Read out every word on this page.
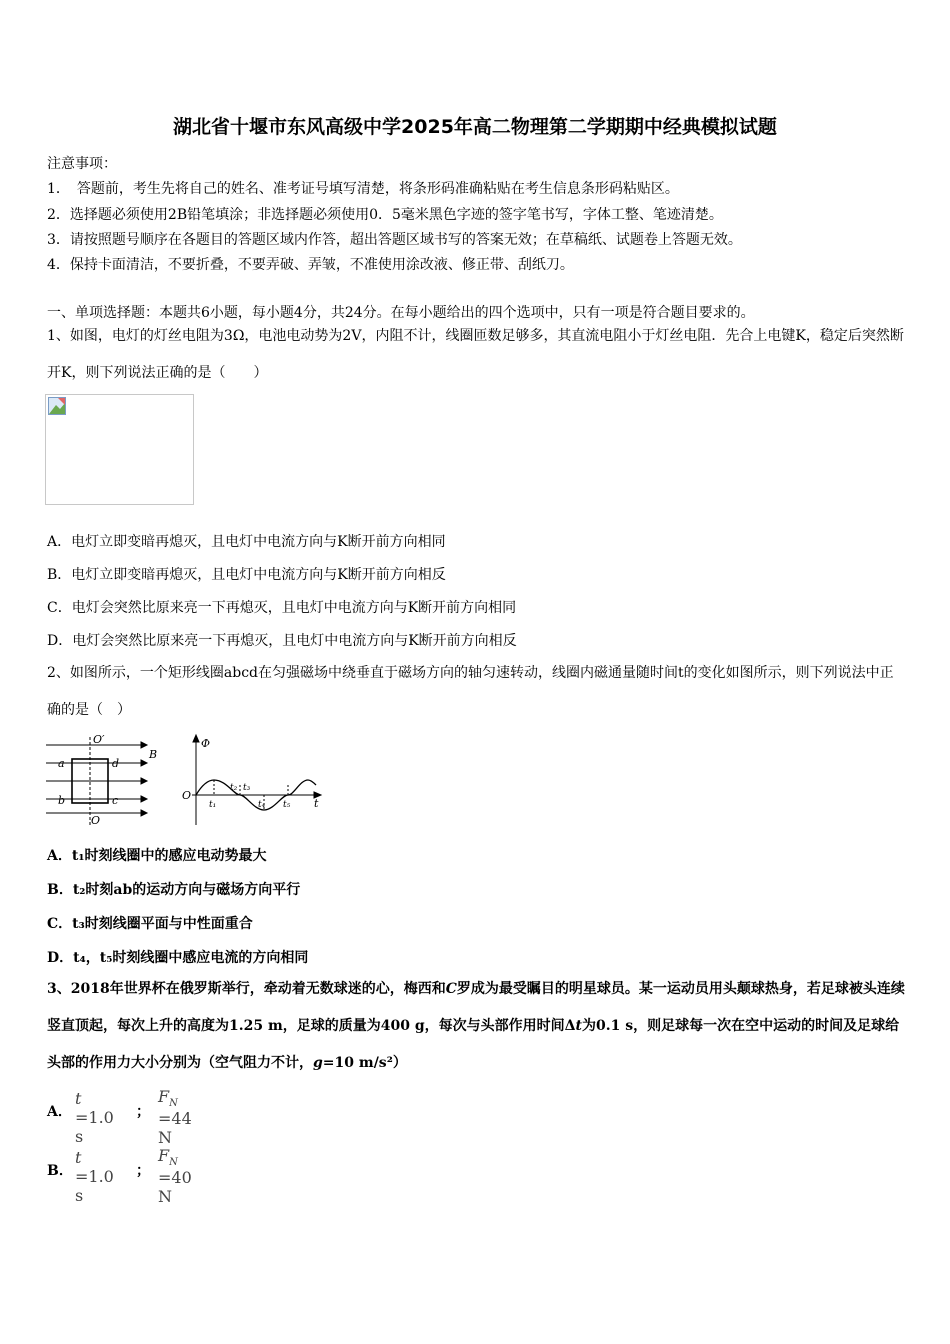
湖北省十堰市东风高级中学2025年高二物理第二学期期中经典模拟试题
注意事项：
1．　答题前，考生先将自己的姓名、准考证号填写清楚，将条形码准确粘贴在考生信息条形码粘贴区。
2．选择题必须使用2B铅笔填涂；非选择题必须使用0．5毫米黑色字迹的签字笔书写，字体工整、笔迹清楚。
3．请按照题号顺序在各题目的答题区域内作答，超出答题区域书写的答案无效；在草稿纸、试题卷上答题无效。
4．保持卡面清洁，不要折叠，不要弄破、弄皱，不准使用涂改液、修正带、刮纸刀。
一、单项选择题：本题共6小题，每小题4分，共24分。在每小题给出的四个选项中，只有一项是符合题目要求的。
1、如图，电灯的灯丝电阻为3Ω，电池电动势为2V，内阻不计，线圈匝数足够多，其直流电阻小于灯丝电阻．先合上电键K，稳定后突然断开K，则下列说法正确的是（　　）
A．电灯立即变暗再熄灭，且电灯中电流方向与K断开前方向相同
B．电灯立即变暗再熄灭，且电灯中电流方向与K断开前方向相反
C．电灯会突然比原来亮一下再熄灭，且电灯中电流方向与K断开前方向相同
D．电灯会突然比原来亮一下再熄灭，且电灯中电流方向与K断开前方向相反
2、如图所示，一个矩形线圈abcd在匀强磁场中绕垂直于磁场方向的轴匀速转动，线圈内磁通量随时间t的变化如图所示，则下列说法中正确的是（　）
O′
O
a
b	c
d
B
Φ
O
t
t₁
t₂ t₃
t₄ t₅
A．t₁时刻线圈中的感应电动势最大
B．t₂时刻ab的运动方向与磁场方向平行
C．t₃时刻线圈平面与中性面重合
D．t₄，t₅时刻线圈中感应电流的方向相同
3、2018年世界杯在俄罗斯举行，牵动着无数球迷的心，梅西和C罗成为最受瞩目的明星球员。某一运动员用头颠球热身，若足球被头连续竖直顶起，每次上升的高度为1.25 m，足球的质量为400 g，每次与头部作用时间Δt为0.1 s，则足球每一次在空中运动的时间及足球给头部的作用力大小分别为（空气阻力不计，g=10 m/s²）
A．
t =1.0 s
；
$F_N =44$ N
B．
t =1.0 s
；
$F_N =40$ N
